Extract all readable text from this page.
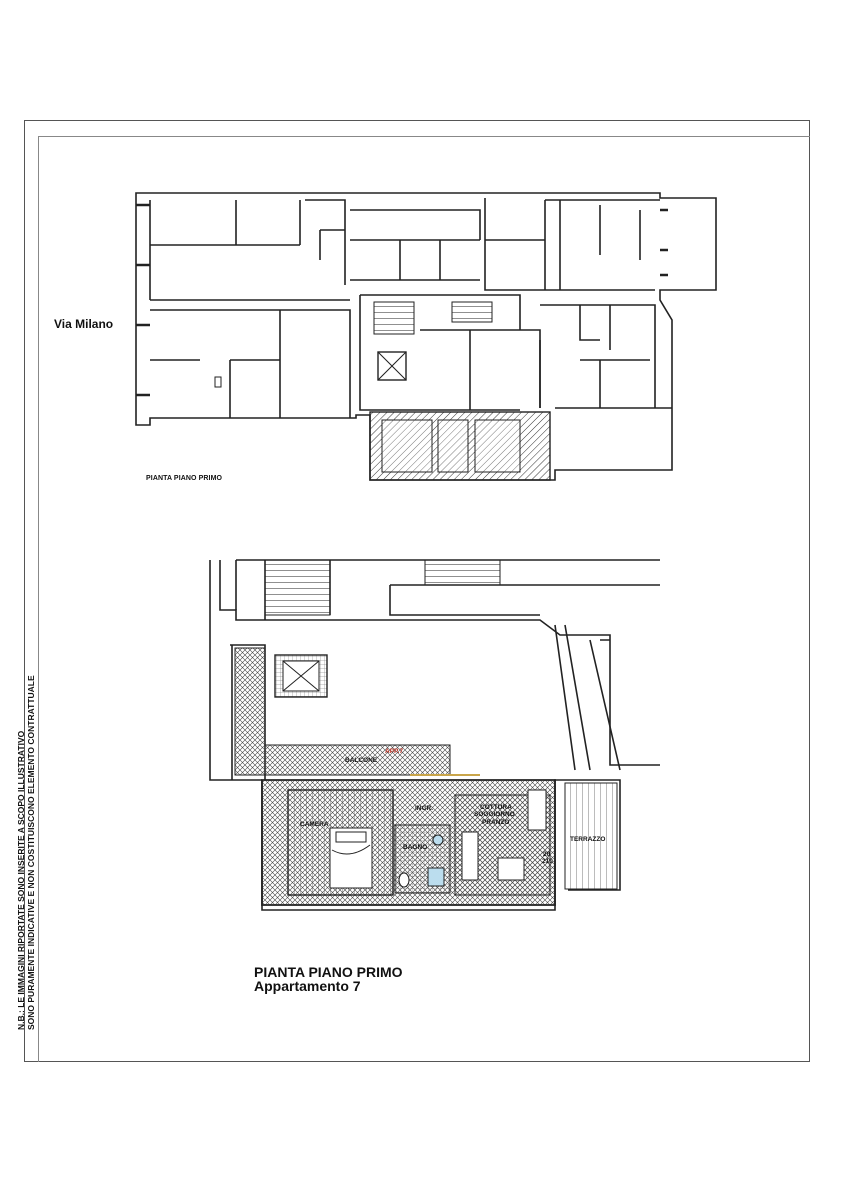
BALCONE
APP.7
CAMERA
INGR.	COTTURA
SOGGIORNO
PRANZO
BAGNO
TERRAZZO
20
210
Via Milano
PIANTA PIANO PRIMO
N.B.: LE IMMAGINI RIPORTATE SONO INSERITE A SCOPO ILLUSTRATIVO SONO PURAMENTE INDICATIVE E NON COSTITUISCONO ELEMENTO CONTRATTUALE	PIANTA PIANO PRIMO
Appartamento 7
